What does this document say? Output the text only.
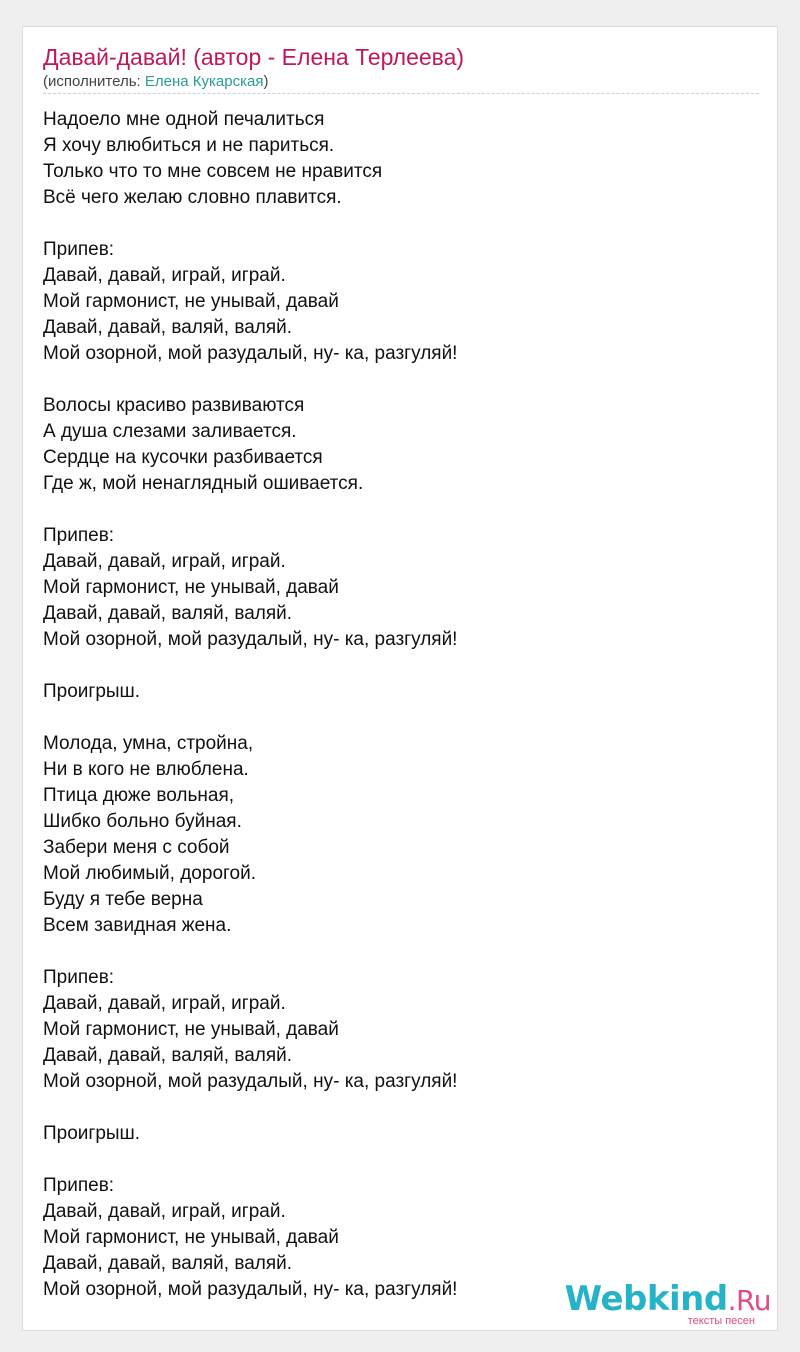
Давай-давай! (автор - Елена Терлеева)
(исполнитель: Елена Кукарская)
Надоело мне одной печалиться
Я хочу влюбиться и не париться.
Только что то мне совсем не нравится
Всё чего желаю словно плавится.
Припев:
Давай, давай, играй, играй.
Мой гармонист, не унывай, давай
Давай, давай, валяй, валяй.
Мой озорной, мой разудалый, ну- ка, разгуляй!
Волосы красиво развиваются
А душа слезами заливается.
Сердце на кусочки разбивается
Где ж, мой ненаглядный ошивается.
Припев:
Давай, давай, играй, играй.
Мой гармонист, не унывай, давай
Давай, давай, валяй, валяй.
Мой озорной, мой разудалый, ну- ка, разгуляй!
Проигрыш.
Молода, умна, стройна,
Ни в кого не влюблена.
Птица дюже вольная,
Шибко больно буйная.
Забери меня с собой
Мой любимый, дорогой.
Буду я тебе верна
Всем завидная жена.
Припев:
Давай, давай, играй, играй.
Мой гармонист, не унывай, давай
Давай, давай, валяй, валяй.
Мой озорной, мой разудалый, ну- ка, разгуляй!
Проигрыш.
Припев:
Давай, давай, играй, играй.
Мой гармонист, не унывай, давай
Давай, давай, валяй, валяй.
Мой озорной, мой разудалый, ну- ка, разгуляй!	Webkind.Ru
тексты песен
